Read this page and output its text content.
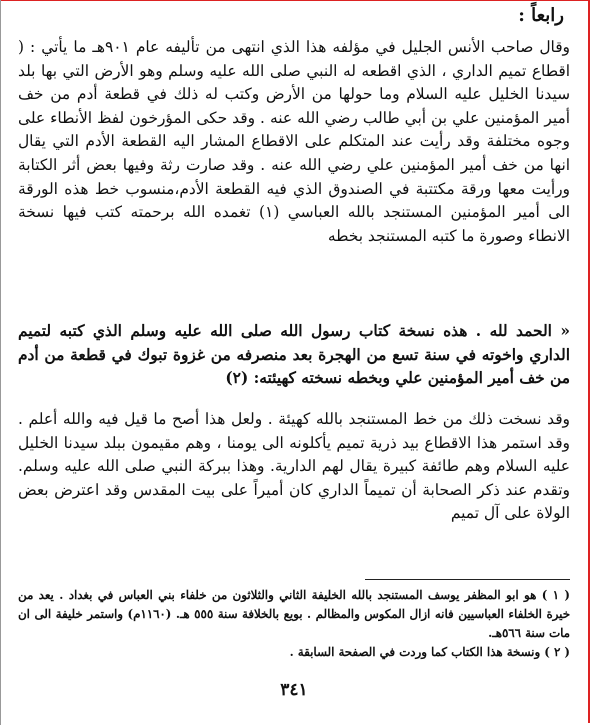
رابعاً :

وقال صاحب الأنس الجليل في مؤلفه هذا الذي انتهى من تأليفه عام ٩٠١هـ ما يأتي : ( اقطاع تميم الداري ، الذي اقطعه له النبي صلى الله عليه وسلم وهو الأرض التي بها بلد سيدنا الخليل عليه السلام وما حولها من الأرض وكتب له ذلك في قطعة أدم من خف أمير المؤمنين علي بن أبي طالب رضي الله عنه . وقد حكى المؤرخون لفظ الأنطاء على وجوه مختلفة وقد رأيت عند المتكلم على الاقطاع المشار اليه القطعة الأدم التي يقال انها من خف أمير المؤمنين علي رضي الله عنه . وقد صارت رثة وفيها بعض أثر الكتابة ورأيت معها ورقة مكتتبة في الصندوق الذي فيه القطعة الأدم،منسوب خط هذه الورقة الى أمير المؤمنين المستنجد بالله العباسي (١) تغمده الله برحمته كتب فيها نسخة الانطاء وصورة ما كتبه المستنجد بخطه

« الحمد لله . هذه نسخة كتاب رسول الله صلى الله عليه وسلم الذي كتبه لتميم الداري واخوته في سنة تسع من الهجرة بعد منصرفه من غزوة تبوك في قطعة من أدم من خف أمير المؤمنين علي وبخطه نسخته كهيئته: (٢)

وقد نسخت ذلك من خط المستنجد بالله كهيئة . ولعل هذا أصح ما قيل فيه والله أعلم . وقد استمر هذا الاقطاع بيد ذرية تميم يأكلونه الى يومنا ، وهم مقيمون ببلد سيدنا الخليل عليه السلام وهم طائفة كبيرة يقال لهم الدارية. وهذا ببركة النبي صلى الله عليه وسلم. وتقدم عند ذكر الصحابة أن تميماً الداري كان أميراً على بيت المقدس وقد اعترض بعض الولاة على آل تميم

( ١ ) هو ابو المظفر يوسف المستنجد بالله الخليفة الثاني والثلاثون من خلفاء بني العباس في بغداد . يعد من خيرة الخلفاء العباسيين فانه ازال المكوس والمظالم . بويع بالخلافة سنة ٥٥٥ هـ. (١١٦٠م) واستمر خليفة الى ان مات سنة ٥٦٦هـ.

( ٢ ) ونسخة هذا الكتاب كما وردت في الصفحة السابقة .

٣٤١
